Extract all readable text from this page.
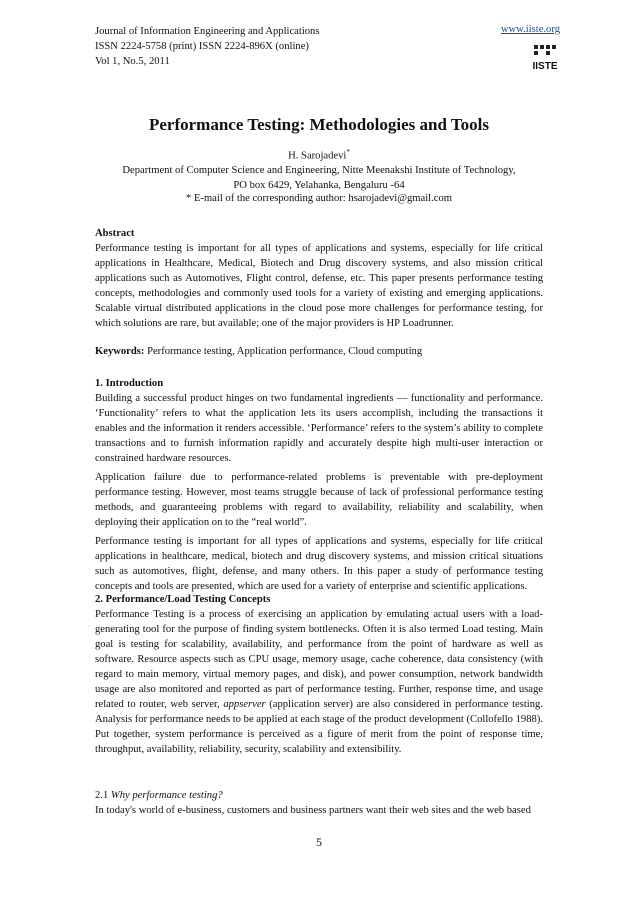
Journal of Information Engineering and Applications
ISSN 2224-5758 (print) ISSN 2224-896X (online)
Vol 1, No.5, 2011
www.iiste.org
IISTE
Performance Testing: Methodologies and Tools
H. Sarojadevi*
Department of Computer Science and Engineering, Nitte Meenakshi Institute of Technology,
PO box 6429, Yelahanka, Bengaluru -64
* E-mail of the corresponding author: hsarojadevi@gmail.com

Abstract

Performance testing is important for all types of applications and systems, especially for life critical applications in Healthcare, Medical, Biotech and Drug discovery systems, and also mission critical applications such as Automotives, Flight control, defense, etc. This paper presents performance testing concepts, methodologies and commonly used tools for a variety of existing and emerging applications. Scalable virtual distributed applications in the cloud pose more challenges for performance testing, for which solutions are rare, but available; one of the major providers is HP Loadrunner.

Keywords: Performance testing, Application performance, Cloud computing

1. Introduction

Building a successful product hinges on two fundamental ingredients — functionality and performance. ‘Functionality’ refers to what the application lets its users accomplish, including the transactions it enables and the information it renders accessible. ‘Performance’ refers to the system’s ability to complete transactions and to furnish information rapidly and accurately despite high multi-user interaction or constrained hardware resources.

Application failure due to performance-related problems is preventable with pre-deployment performance testing. However, most teams struggle because of lack of professional performance testing methods, and guaranteeing problems with regard to availability, reliability and scalability, when deploying their application on to the “real world”.

Performance testing is important for all types of applications and systems, especially for life critical applications in healthcare, medical, biotech and drug discovery systems, and mission critical situations such as automotives, flight, defense, and many others. In this paper a study of performance testing concepts and tools are presented, which are used for a variety of enterprise and scientific applications.

2. Performance/Load Testing Concepts

Performance Testing is a process of exercising an application by emulating actual users with a load-generating tool for the purpose of finding system bottlenecks. Often it is also termed Load testing. Main goal is testing for scalability, availability, and performance from the point of hardware as well as software. Resource aspects such as CPU usage, memory usage, cache coherence, data consistency (with regard to main memory, virtual memory pages, and disk), and power consumption, network bandwidth usage are also monitored and reported as part of performance testing. Further, response time, and usage related to router, web server, appserver (application server) are also considered in performance testing. Analysis for performance needs to be applied at each stage of the product development (Collofello 1988). Put together, system performance is perceived as a figure of merit from the point of response time, throughput, availability, reliability, security, scalability and extensibility.

2.1 Why performance testing?

In today's world of e-business, customers and business partners want their web sites and the web based

5
